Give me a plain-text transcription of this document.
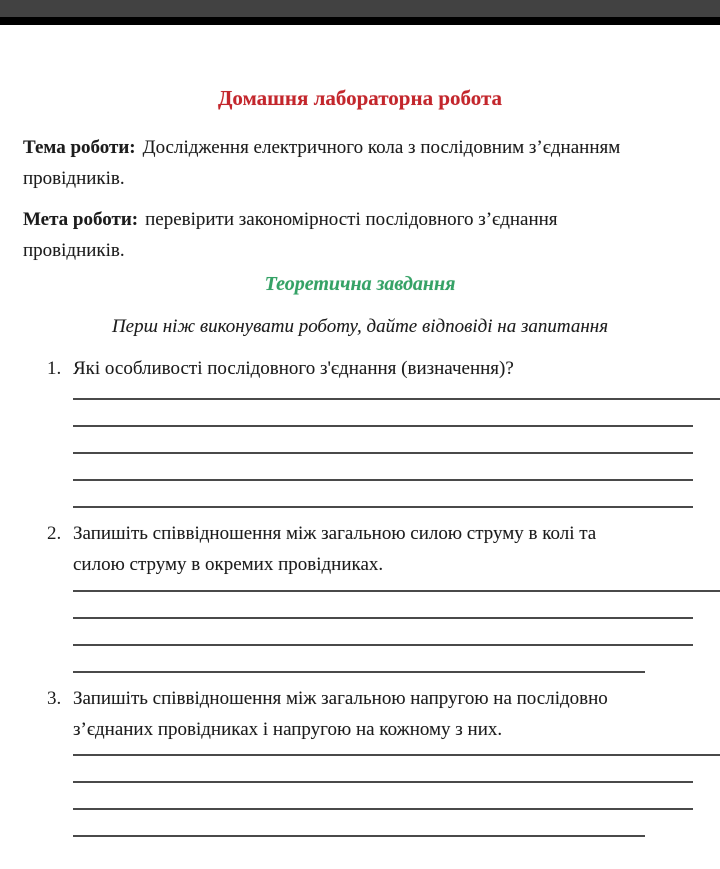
Домашня лабораторна робота
Тема роботи: Дослідження електричного кола з послідовним з’єднанням
провідників.
Мета роботи: перевірити закономірності послідовного з’єднання
провідників.
Теоретична завдання
Перш ніж виконувати роботу, дайте відповіді на запитання
1. Які особливості послідовного з'єднання (визначення)?
2. Запишіть співвідношення між загальною силою струму в колі та
силою струму в окремих провідниках.
3. Запишіть співвідношення між загальною напругою на послідовно
з’єднаних провідниках і напругою на кожному з них.
